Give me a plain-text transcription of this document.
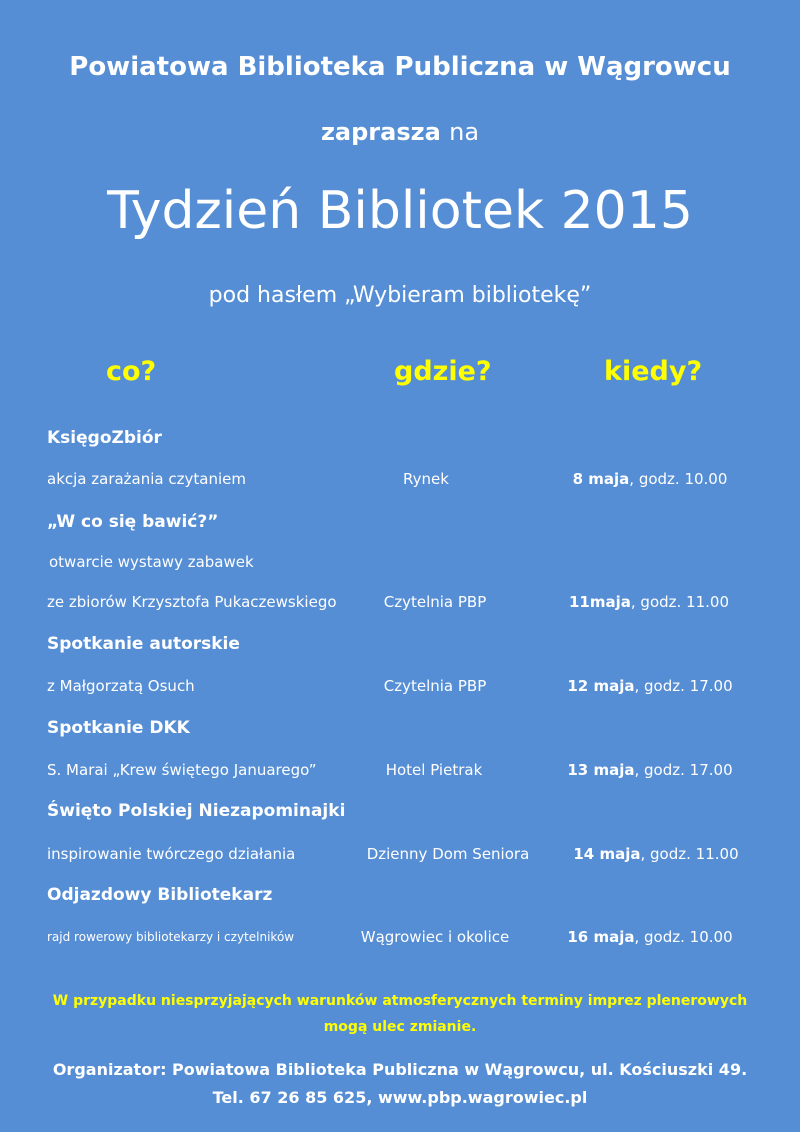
Powiatowa Biblioteka Publiczna w Wągrowcu
zaprasza na
Tydzień Bibliotek 2015
pod hasłem „Wybieram bibliotekę”
co?	gdzie?	kiedy?
KsięgoZbiór
akcja zarażania czytaniem	Rynek	8 maja, godz. 10.00
„W co się bawić?”
otwarcie wystawy zabawek
ze zbiorów Krzysztofa Pukaczewskiego	Czytelnia PBP	11maja, godz. 11.00
Spotkanie autorskie
z Małgorzatą Osuch	Czytelnia PBP	12 maja, godz. 17.00
Spotkanie DKK
S. Marai „Krew świętego Januarego”	Hotel Pietrak	13 maja, godz. 17.00
Święto Polskiej Niezapominajki
inspirowanie twórczego działania	Dzienny Dom Seniora	14 maja, godz. 11.00
Odjazdowy Bibliotekarz
rajd rowerowy bibliotekarzy i czytelników	Wągrowiec i okolice	16 maja, godz. 10.00
W przypadku niesprzyjających warunków atmosferycznych terminy imprez plenerowych
mogą ulec zmianie.
Organizator: Powiatowa Biblioteka Publiczna w Wągrowcu, ul. Kościuszki 49.
Tel. 67 26 85 625, www.pbp.wagrowiec.pl
